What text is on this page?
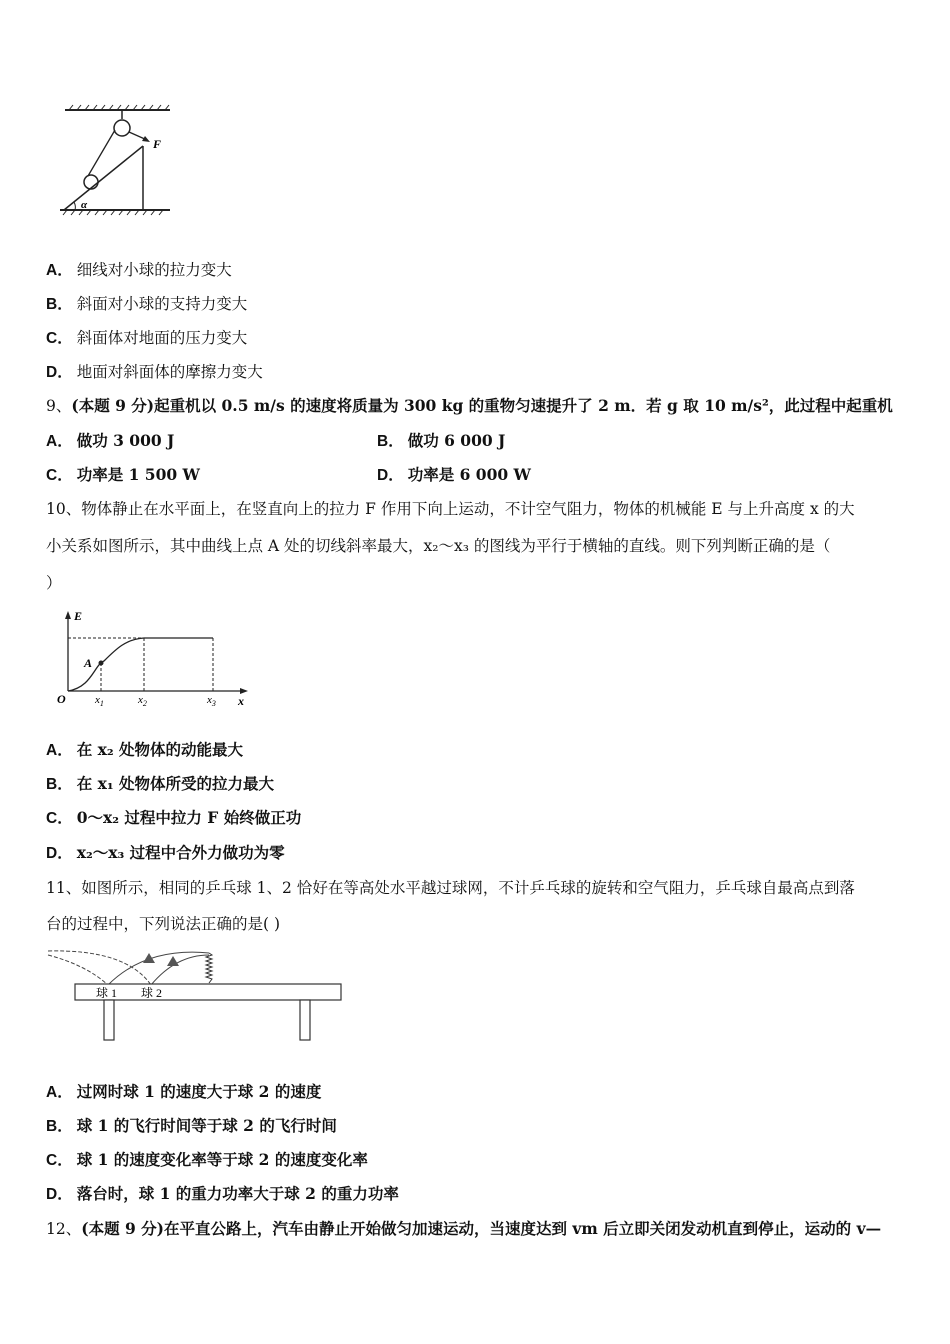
F
α
A． 细线对小球的拉力变大
B． 斜面对小球的支持力变大
C． 斜面体对地面的压力变大
D． 地面对斜面体的摩擦力变大
9、(本题 9 分)起重机以 0.5 m/s 的速度将质量为 300 kg 的重物匀速提升了 2 m．若 g 取 10 m/s²，此过程中起重机
A． 做功 3 000 J	B． 做功 6 000 J
C． 功率是 1 500 W	D． 功率是 6 000 W
10、物体静止在水平面上，在竖直向上的拉力 F 作用下向上运动，不计空气阻力，物体的机械能 E 与上升高度 x 的大
小关系如图所示，其中曲线上点 A 处的切线斜率最大，x₂～x₃ 的图线为平行于横轴的直线。则下列判断正确的是（
）
E
x
O
A
$x_1$	$x_2$	$x_3$
A． 在 x₂ 处物体的动能最大
B． 在 x₁ 处物体所受的拉力最大
C． 0～x₂ 过程中拉力 F 始终做正功
D． x₂～x₃ 过程中合外力做功为零
11、如图所示，相同的乒乓球 1、2 恰好在等高处水平越过球网，不计乒乓球的旋转和空气阻力，乒乓球自最高点到落
台的过程中，下列说法正确的是( )
球 1 球 2
A． 过网时球 1 的速度大于球 2 的速度
B． 球 1 的飞行时间等于球 2 的飞行时间
C． 球 1 的速度变化率等于球 2 的速度变化率
D． 落台时，球 1 的重力功率大于球 2 的重力功率
12、(本题 9 分)在平直公路上，汽车由静止开始做匀加速运动，当速度达到 vm 后立即关闭发动机直到停止，运动的 v—
